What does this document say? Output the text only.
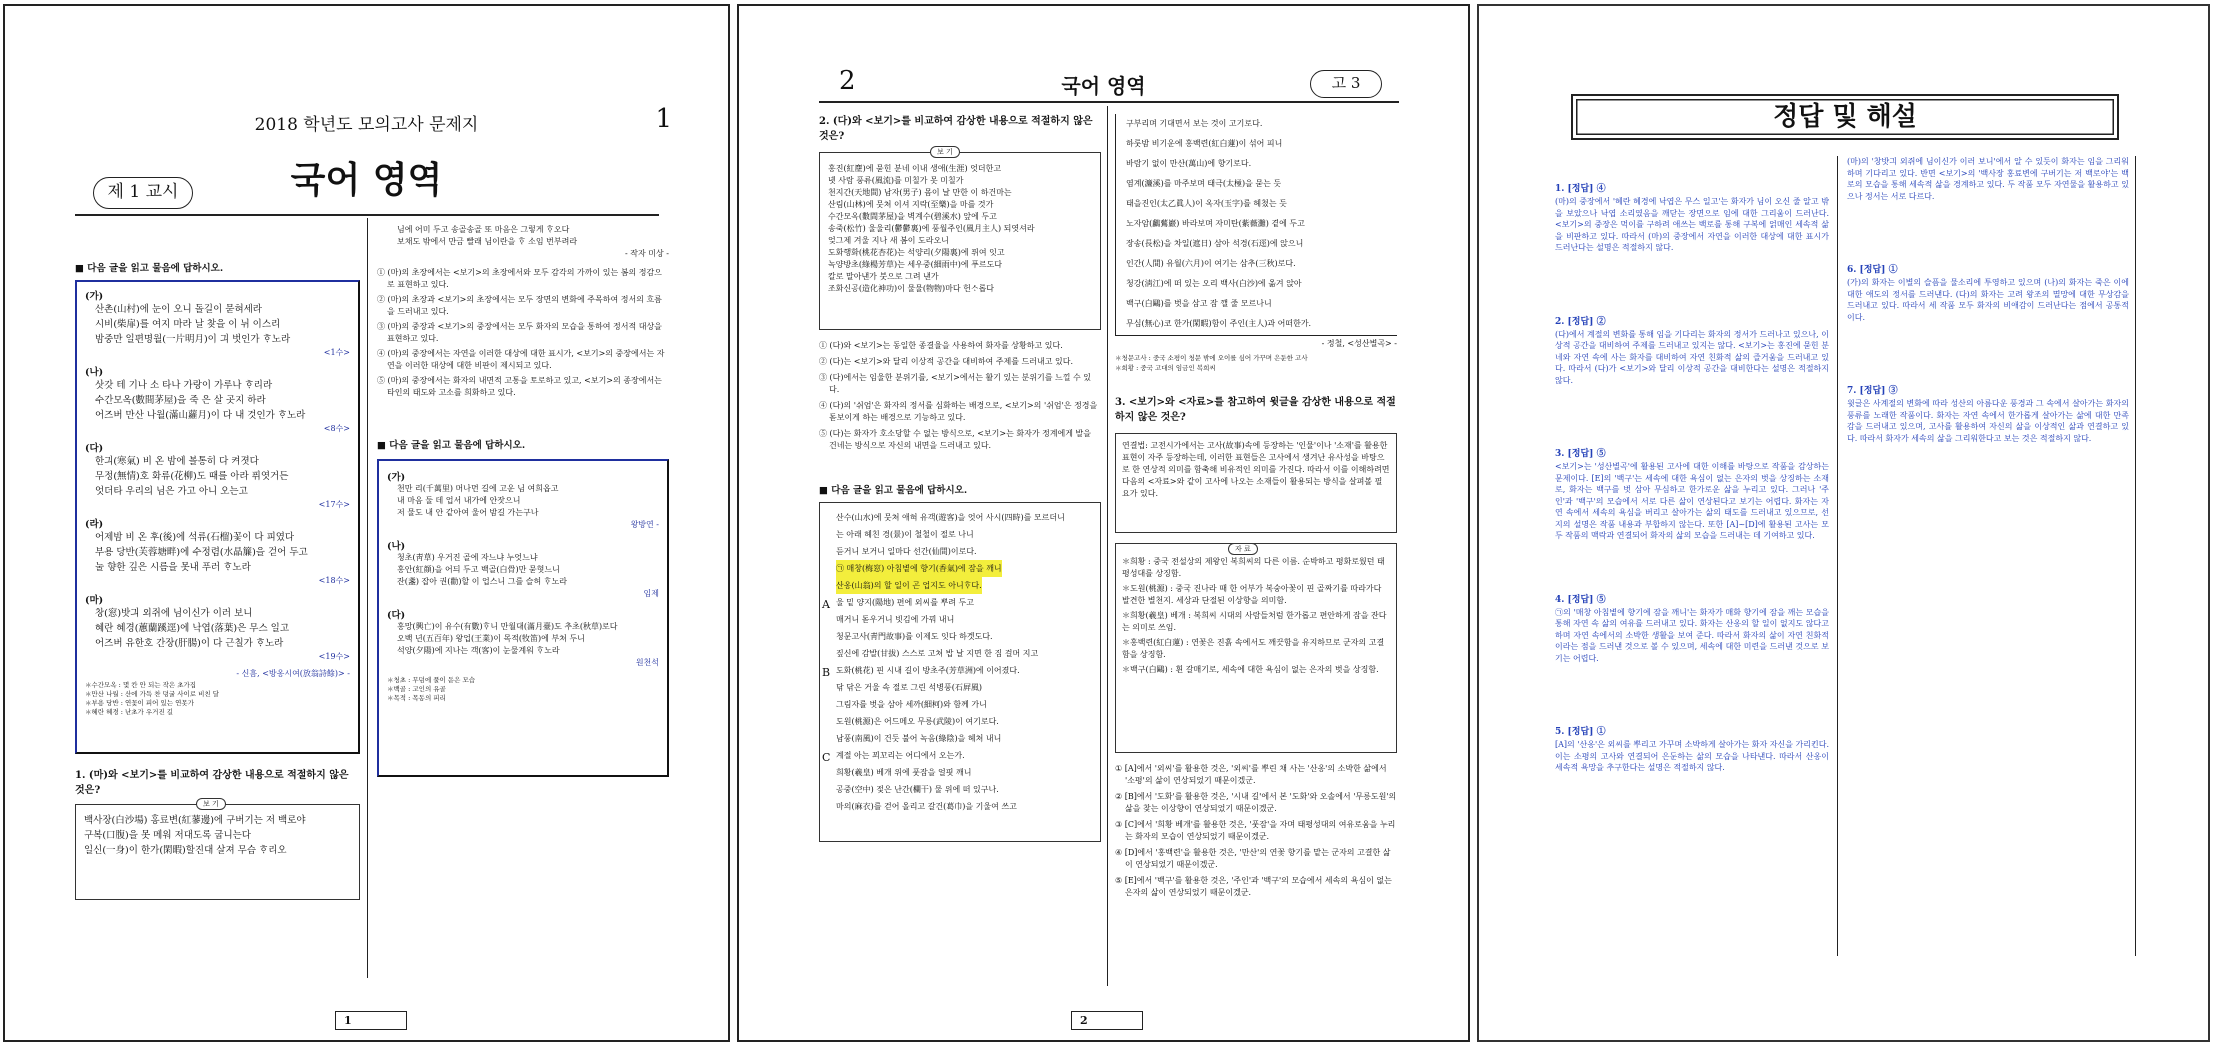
2018 학년도 모의고사 문제지	1
국어 영역
제 1 교시
■ 다음 글을 읽고 물음에 답하시오.
(가)
산촌(山村)에 눈이 오니 돌길이 묻혀세라
시비(柴扉)를 여지 마라 날 찾을 이 뉘 이스리
밤중만 일편명월(一片明月)이 긔 벗인가 ᄒᆞ노라
<1수>
(나)
삿갓 테 기나 소 타나 가랑이 가루나 ᄒᆞ리라
수간모옥(數間茅屋)을 죽 은 살 곳지 하라
어즈버 만산 나월(滿山蘿月)이 다 내 것인가 ᄒᆞ노라
<8수>
(다)
한긔(寒氣) 비 온 밤에 볼통히 다 켜졋다
무정(無情)호 화류(花柳)도 때를 아라 퓌엿거든
엇더타 우리의 님은 가고 아니 오는고
<17수>
(라)
어제밤 비 온 후(後)에 석류(石榴)꽃이 다 피였다
부용 당반(芙蓉塘畔)에 수정렴(水晶簾)을 걷어 두고
눌 향한 깊은 시름을 못내 푸러 ᄒᆞ노라
<18수>
(마)
창(窓)밧긔 외쥐에 님이신가 이러 보니
혜란 혜경(蕙蘭蹊逕)에 낙엽(落葉)은 무스 일고
어즈버 유한호 간장(肝腸)이 다 근칠가 ᄒᆞ노라
<19수>
- 신흠, <방옹시여(放翁詩餘)> -
＊수간모옥 : 몇 칸 안 되는 작은 초가집
＊만산 나월 : 산에 가득 찬 덩굴 사이로 비친 달
＊부용 당반 : 연꽃이 피어 있는 연못가
＊혜란 혜경 : 난초가 우거진 길
1. (마)와 <보기>를 비교하여 감상한 내용으로 적절하지 않은 것은?
보 기
백사장(白沙場) 홍료변(紅蓼邊)에 구버기는 저 백로야
구복(口腹)을 못 메워 저대도록 굽니는다
일신(一身)이 한가(閑暇)할진대 살져 무슴 ᄒᆞ리오
님에 어미 두고 송골송골 또 마음은 그렇게 ᄒᆞ오다
보채도 밖에서 만금 빨래 님이란을 ᄒᆞ 소임 번부려라
- 작자 미상 -
① (마)의 초장에서는 <보기>의 초장에서와 모두 감각의 가까이 있는 봄의 정감으로 표현하고 있다.
② (마)의 초장과 <보기>의 초장에서는 모두 장면의 변화에 주목하여 정서의 흐름을 드러내고 있다.
③ (마)의 중장과 <보기>의 중장에서는 모두 화자의 모습을 통하여 정서적 대상을 표현하고 있다.
④ (마)의 중장에서는 자연을 이러한 대상에 대한 표시가, <보기>의 중장에서는 자연을 이러한 대상에 대한 비판이 제시되고 있다.
⑤ (마)의 중장에서는 화자의 내면적 고통을 토로하고 있고, <보기>의 종장에서는 타인의 태도와 고소를 희화하고 있다.
■ 다음 글을 읽고 물음에 답하시오.
(가)
천만 리(千萬里) 머나먼 길에 고운 님 여희옵고
내 마음 둘 데 업서 내가에 안잣으니
저 물도 내 안 같아여 울어 밤길 가는구나
왕방연 -
(나)
청초(靑草) 우거진 골에 자느냐 누엇느냐
홍안(紅顔)을 어듸 두고 백골(白骨)만 묻혓느니
잔(盞) 잡아 권(勸)할 이 업스니 그를 슬허 ᄒᆞ노라
임제
(다)
홍망(興亡)이 유수(有數)ᄒᆞ니 만월대(滿月臺)도 추초(秋草)로다
오백 년(五百年) 왕업(王業)이 목적(牧笛)에 부쳐 두니
석양(夕陽)에 지나는 객(客)이 눈물계워 ᄒᆞ노라
원천석
＊청초 : 무덤에 풀이 돋은 모습
＊백골 : 고인의 유골
＊목적 : 목동의 피리
1
2	국어 영역	고 3
2. (다)와 <보기>를 비교하여 감상한 내용으로 적절하지 않은 것은?
보 기
홍진(紅塵)에 묻힌 분네 이내 생애(生涯) 엇더한고
녯 사람 풍류(風流)를 미칠가 못 미칠가
천지간(天地間) 남자(男子) 몸이 날 만한 이 하건마는
산림(山林)에 뭇쳐 이셔 지락(至樂)을 마를 것가
수간모옥(數間茅屋)을 벽계수(碧溪水) 앞에 두고
송죽(松竹) 울울리(鬱鬱裏)에 풍월주인(風月主人) 되엿셔라
엊그제 겨울 지나 새 봄이 도라오니
도화행화(桃花杏花)는 석양리(夕陽裏)에 퓌여 잇고
녹양방초(綠楊芳草)는 세우중(細雨中)에 푸르도다
칼로 말아낸가 붓으로 그려 낸가
조화신공(造化神功)이 물물(物物)마다 헌ᄉᆞ롭다
① (다)와 <보기>는 동일한 종결율을 사용하여 화자를 상황하고 있다.
② (다)는 <보기>와 달리 이상적 공간을 대비하여 주제를 드러내고 있다.
③ (다)에서는 임울한 분위기를, <보기>에서는 활기 있는 분위기를 느낄 수 있다.
④ (다)의 '쉬엄'은 화자의 정서를 심화하는 배경으로, <보기>의 '쉬엄'은 정경을 돋보이게 하는 배경으로 기능하고 있다.
⑤ (다)는 화자가 호소당할 수 없는 방식으로, <보기>는 화자가 정계에게 발을 건네는 방식으로 자신의 내면을 드러내고 있다.
■ 다음 글을 읽고 물음에 답하시오.
산수(山水)에 뭇쳐 애혀 유객(遊客)을 엇어 사시(四時)를 모르더니
는 아래 헤친 경(景)이 철철이 절로 나니
듣거니 보거니 일마다 선간(仙間)이로다.
㉠ 매창(梅窓) 아침볕에 향기(香氣)에 잠을 깨니
산옹(山翁)의 할 일이 곤 업지도 아니ᄒᆞ다.
울 밑 양지(陽地) 편에 외씨를 뿌려 두고
매거니 돋우거니 빗김에 가꿔 내니
청문고사(靑門故事)를 이제도 잇다 하겟도다.
짚신에 감발(甘拔) 스스로 고쳐 밥 날 지면 한 짐 걸머 지고
도화(桃花) 핀 시내 길이 방초주(芳草洲)에 이어졌다.
닦 닦은 거울 속 절로 그린 석병풍(石屛風)
그림자를 벗을 삼아 세까(細柯)와 함께 가니
도원(桃源)은 어드메오 무릉(武陵)이 여기로다.
남풍(南風)이 건듯 불어 녹음(綠陰)을 헤쳐 내니
계절 아는 꾀꼬리는 어디에서 오는가.
희황(羲皇) 베개 위에 풋잠을 얼핏 깨니
공중(空中) 젖은 난간(欄干) 물 위에 떠 있구나.
마의(麻衣)를 걷어 올리고 갈건(葛巾)을 기울여 쓰고
A
B
C
구부리며 기대면서 보는 것이 고기로다.
하룻밤 비기운에 홍백련(紅白蓮)이 섞어 피니
바람기 없이 만산(萬山)에 향기로다.
염계(濂溪)를 마주보며 태극(太極)을 묻는 듯
태을진인(太乙眞人)이 옥자(玉字)를 헤쳤는 듯
노자암(鸕鶿巖) 바라보며 자미탄(紫薇灘) 곁에 두고
장송(長松)을 차일(遮日) 삼아 석경(石逕)에 앉으니
인간(人間) 유월(六月)이 여기는 삼추(三秋)로다.
청강(淸江)에 떠 있는 오리 백사(白沙)에 옮겨 앉아
백구(白鷗)를 벗을 삼고 잠 깰 줄 모르나니
무심(無心)코 한가(閑暇)함이 주인(主人)과 어떠한가.
- 정철, <성산별곡> -
＊청문고사 : 중국 소평이 청문 밖에 오이를 심어 가꾸며 은둔한 고사
＊희황 : 중국 고대의 임금인 복희씨
3. <보기>와 <자료>를 참고하여 윗글을 감상한 내용으로 적절하지 않은 것은?
연결법: 고전시가에서는 고사(故事)속에 등장하는 '인물'이나 '소재'를 활용한 표현이 자주 등장하는데, 이러한 표현들은 고사에서 생겨난 유사성을 바탕으로 한 연상적 의미를 함축해 비유적인 의미를 가진다. 따라서 이를 이해하려면 다음의 <자료>와 같이 고사에 나오는 소재들이 활용되는 방식을 살펴볼 필요가 있다.
자 료
＊희황 : 중국 전설상의 제왕인 복희씨의 다른 이름. 순박하고 평화로웠던 태평성대를 상징함.
＊도원(桃源) : 중국 진나라 때 한 어부가 복숭아꽃이 핀 골짜기를 따라가다 발견한 별천지. 세상과 단절된 이상향을 의미함.
＊희황(羲皇) 베개 : 복희씨 시대의 사람들처럼 한가롭고 편안하게 잠을 잔다는 의미로 쓰임.
＊홍백련(紅白蓮) : 연꽃은 진흙 속에서도 깨끗함을 유지하므로 군자의 고결함을 상징함.
＊백구(白鷗) : 흰 갈매기로, 세속에 대한 욕심이 없는 은자의 벗을 상징함.
① [A]에서 '외씨'를 활용한 것은, '외씨'를 뿌린 채 사는 '산옹'의 소박한 삶에서 '소평'의 삶이 연상되었기 때문이겠군.
② [B]에서 '도화'를 활용한 것은, '시내 길'에서 본 '도화'와 오솔에서 '무릉도원'의 삶을 찾는 이상향이 연상되었기 때문이겠군.
③ [C]에서 '희황 베개'를 활용한 것은, '풋잠'을 자며 태평성대의 여유로움을 누리는 화자의 모습이 연상되었기 때문이겠군.
④ [D]에서 '홍백련'을 활용한 것은, '만산'의 연꽃 향기를 맡는 군자의 고결한 삶이 연상되었기 때문이겠군.
⑤ [E]에서 '백구'를 활용한 것은, '주인'과 '백구'의 모습에서 세속의 욕심이 없는 은자의 삶이 연상되었기 때문이겠군.
2
정답 및 해설
1. [정답] ④
(마)의 중장에서 '혜란 혜경에 낙엽은 무스 일고'는 화자가 님이 오신 줄 알고 밖을 보았으나 낙엽 소리였음을 깨닫는 장면으로 임에 대한 그리움이 드러난다. <보기>의 중장은 먹이를 구하려 애쓰는 백로를 통해 구복에 얽매인 세속적 삶을 비판하고 있다. 따라서 (마)의 중장에서 자연을 이러한 대상에 대한 표시가 드러난다는 설명은 적절하지 않다.
2. [정답] ②
(다)에서 계절의 변화를 통해 임을 기다리는 화자의 정서가 드러나고 있으나, 이상적 공간을 대비하여 주제를 드러내고 있지는 않다. <보기>는 홍진에 묻힌 분네와 자연 속에 사는 화자를 대비하여 자연 친화적 삶의 즐거움을 드러내고 있다. 따라서 (다)가 <보기>와 달리 이상적 공간을 대비한다는 설명은 적절하지 않다.
3. [정답] ⑤
<보기>는 '성산별곡'에 활용된 고사에 대한 이해를 바탕으로 작품을 감상하는 문제이다. [E]의 '백구'는 세속에 대한 욕심이 없는 은자의 벗을 상징하는 소재로, 화자는 백구를 벗 삼아 무심하고 한가로운 삶을 누리고 있다. 그러나 '주인'과 '백구'의 모습에서 서로 다른 삶이 연상된다고 보기는 어렵다. 화자는 자연 속에서 세속의 욕심을 버리고 살아가는 삶의 태도를 드러내고 있으므로, 선지의 설명은 작품 내용과 부합하지 않는다. 또한 [A]~[D]에 활용된 고사는 모두 작품의 맥락과 연결되어 화자의 삶의 모습을 드러내는 데 기여하고 있다.
4. [정답] ⑤
㉠의 '매창 아침볕에 향기에 잠을 깨니'는 화자가 매화 향기에 잠을 깨는 모습을 통해 자연 속 삶의 여유를 드러내고 있다. 화자는 산옹의 할 일이 없지도 않다고 하며 자연 속에서의 소박한 생활을 보여 준다. 따라서 화자의 삶이 자연 친화적이라는 점을 드러낸 것으로 볼 수 있으며, 세속에 대한 미련을 드러낸 것으로 보기는 어렵다.
5. [정답] ①
[A]의 '산옹'은 외씨를 뿌리고 가꾸며 소박하게 살아가는 화자 자신을 가리킨다. 이는 소평의 고사와 연결되어 은둔하는 삶의 모습을 나타낸다. 따라서 산옹이 세속적 욕망을 추구한다는 설명은 적절하지 않다.
(마)의 '창밧긔 외쥐에 님이신가 이러 보니'에서 알 수 있듯이 화자는 임을 그리워하며 기다리고 있다. 반면 <보기>의 '백사장 홍료변에 구버기는 저 백로야'는 백로의 모습을 통해 세속적 삶을 경계하고 있다. 두 작품 모두 자연물을 활용하고 있으나 정서는 서로 다르다.
6. [정답] ①
(가)의 화자는 이별의 슬픔을 물소리에 투영하고 있으며 (나)의 화자는 죽은 이에 대한 애도의 정서를 드러낸다. (다)의 화자는 고려 왕조의 멸망에 대한 무상감을 드러내고 있다. 따라서 세 작품 모두 화자의 비애감이 드러난다는 점에서 공통적이다.
7. [정답] ③
윗글은 사계절의 변화에 따라 성산의 아름다운 풍경과 그 속에서 살아가는 화자의 풍류를 노래한 작품이다. 화자는 자연 속에서 한가롭게 살아가는 삶에 대한 만족감을 드러내고 있으며, 고사를 활용하여 자신의 삶을 이상적인 삶과 연결하고 있다. 따라서 화자가 세속의 삶을 그리워한다고 보는 것은 적절하지 않다.
